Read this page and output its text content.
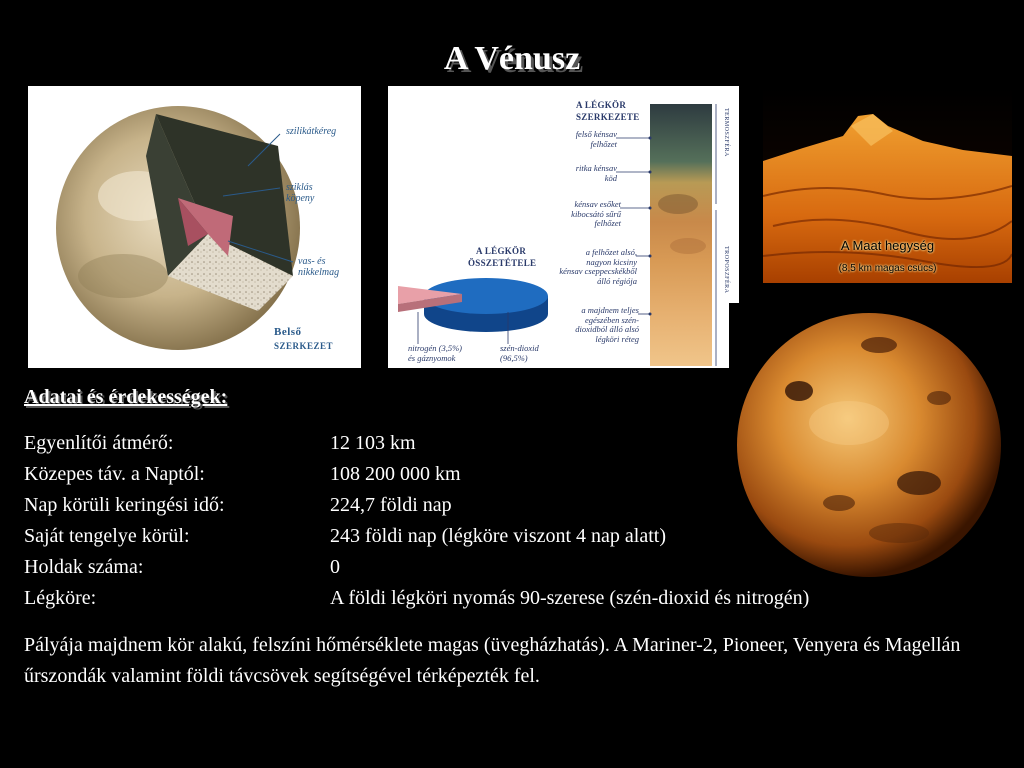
A Vénusz
szilikátkéreg
sziklás
köpeny
vas- és
nikkelmag
Belső
SZERKEZET
A LÉGKÖR
SZERKEZETE
felső kénsav
felhőzet
ritka kénsav
köd
kénsav esőket
kibocsátó sűrű
felhőzet
a felhőzet alsó,
nagyon kicsiny
kénsav cseppecskékből
álló régiója
a majdnem teljes
egészében szén-
dioxidból álló alsó
légköri réteg
TERMOSZFÉRA
TROPOSZFÉRA
A LÉGKÖR
ÖSSZETÉTELE
nitrogén (3,5%)
és gáznyomok
szén-dioxid
(96,5%)
A Maat hegység
(8,5 km magas csúcs)
Adatai és érdekességek:
Egyenlítői átmérő:	12 103 km
Közepes táv. a Naptól:	108 200 000 km
Nap körüli keringési idő:	224,7 földi nap
Saját tengelye körül:	243 földi nap (légköre viszont 4 nap alatt)
Holdak száma:	0
Légköre:	A földi légköri nyomás 90-szerese (szén-dioxid és nitrogén)
Pályája majdnem kör alakú, felszíni hőmérséklete magas (üvegházhatás). A Mariner-2, Pioneer, Venyera és Magellán űrszondák valamint földi távcsövek segítségével térképezték fel.
